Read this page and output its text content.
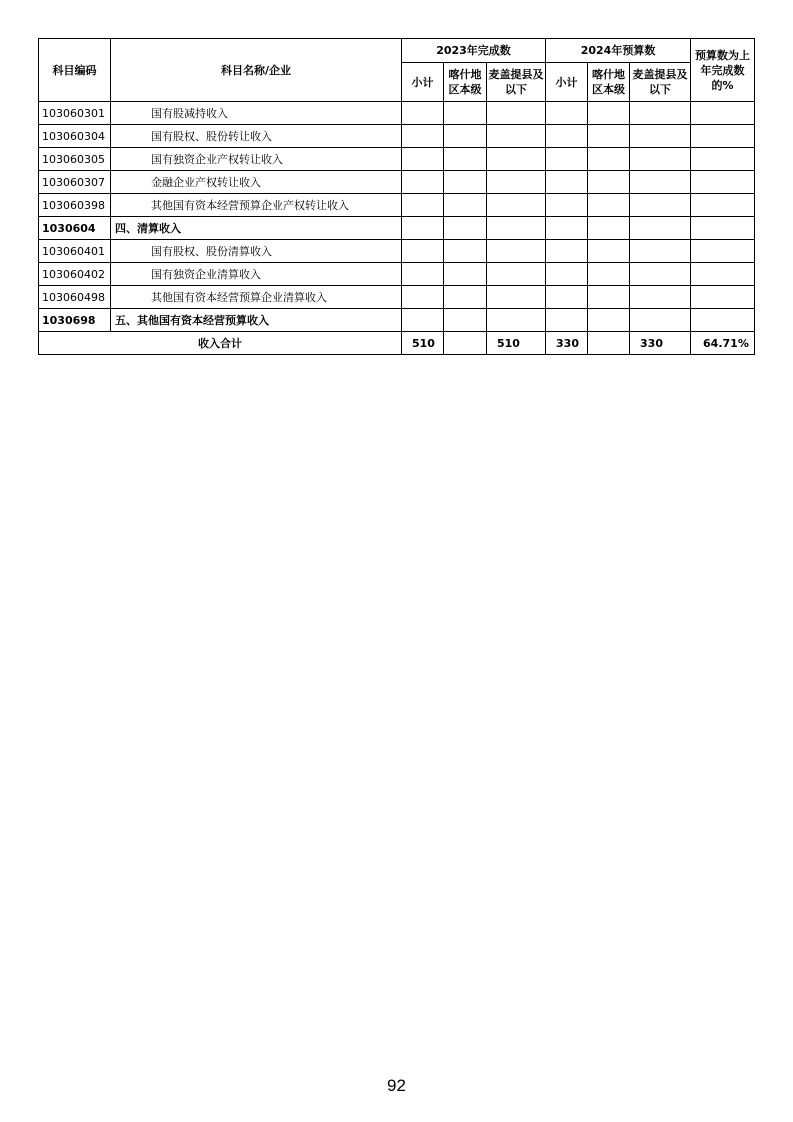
科目编码	科目名称/企业	2023年完成数			2024年预算数			预算数为上年完成数的%
		小计	喀什地区本级	麦盖提县及以下	小计	喀什地区本级	麦盖提县及以下	
103060301	国有股减持收入							
103060304	国有股权、股份转让收入							
103060305	国有独资企业产权转让收入							
103060307	金融企业产权转让收入							
103060398	其他国有资本经营预算企业产权转让收入							
1030604	四、清算收入							
103060401	国有股权、股份清算收入							
103060402	国有独资企业清算收入							
103060498	其他国有资本经营预算企业清算收入							
1030698	五、其他国有资本经营预算收入							
收入合计		510		510	330		330	64.71%
92
